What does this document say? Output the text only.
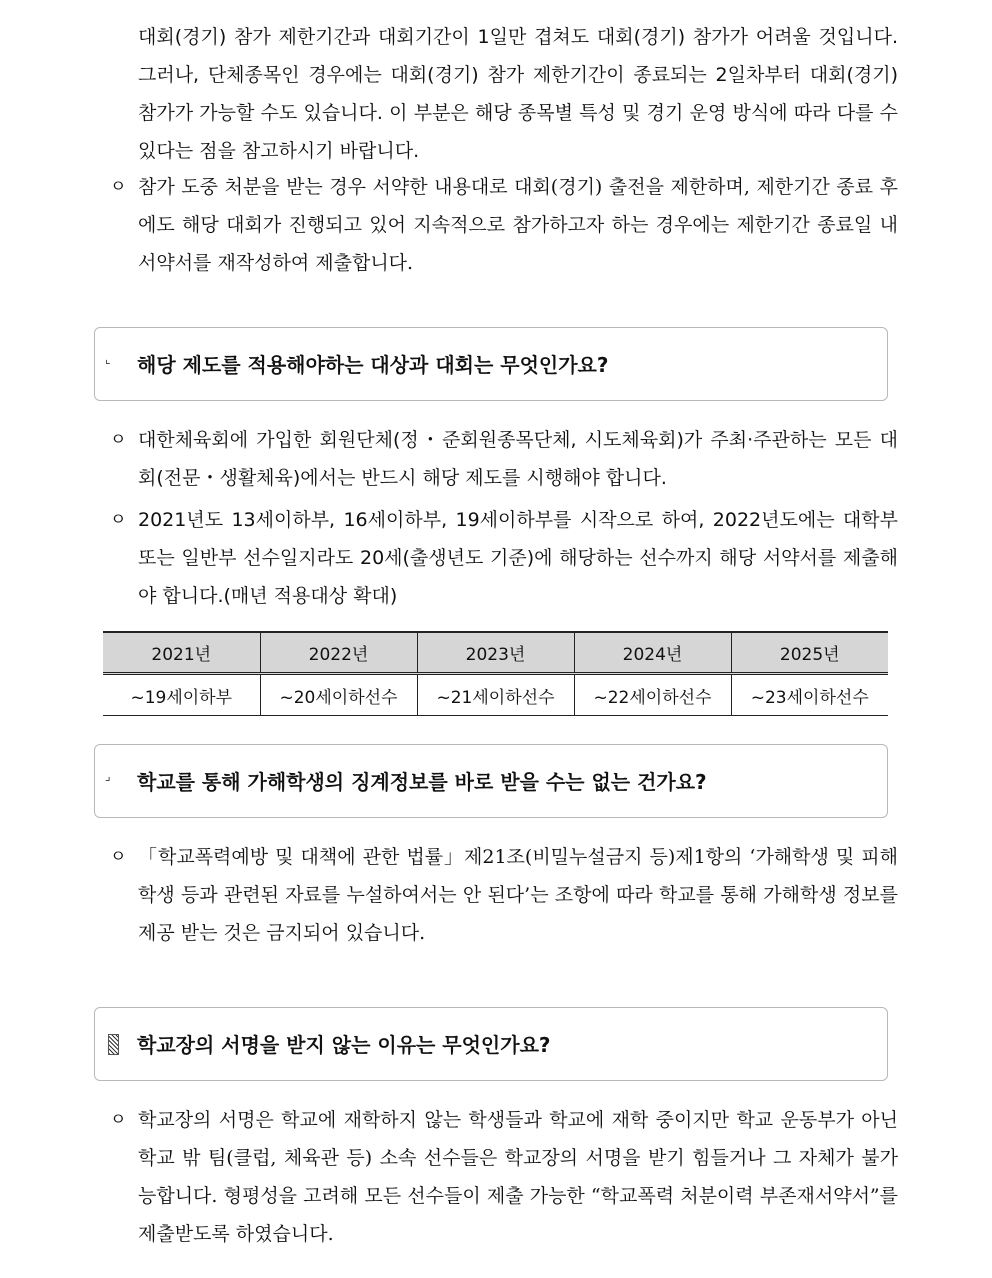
대회(경기) 참가 제한기간과 대회기간이 1일만 겹쳐도 대회(경기) 참가가 어려울 것입니다. 그러나, 단체종목인 경우에는 대회(경기) 참가 제한기간이 종료되는 2일차부터 대회(경기) 참가가 가능할 수도 있습니다. 이 부분은 해당 종목별 특성 및 경기 운영 방식에 따라 다를 수 있다는 점을 참고하시기 바랍니다.
ㅇ 참가 도중 처분을 받는 경우 서약한 내용대로 대회(경기) 출전을 제한하며, 제한기간 종료 후에도 해당 대회가 진행되고 있어 지속적으로 참가하고자 하는 경우에는 제한기간 종료일 내 서약서를 재작성하여 제출합니다.
⌞	해당 제도를 적용해야하는 대상과 대회는 무엇인가요?
ㅇ 대한체육회에 가입한 회원단체(정・준회원종목단체, 시도체육회)가 주최·주관하는 모든 대회(전문・생활체육)에서는 반드시 해당 제도를 시행해야 합니다.
ㅇ 2021년도 13세이하부, 16세이하부, 19세이하부를 시작으로 하여, 2022년도에는 대학부 또는 일반부 선수일지라도 20세(출생년도 기준)에 해당하는 선수까지 해당 서약서를 제출해야 합니다.(매년 적용대상 확대)
2021년	2022년	2023년	2024년	2025년
~19세이하부	~20세이하선수	~21세이하선수	~22세이하선수	~23세이하선수
⌟	학교를 통해 가해학생의 징계정보를 바로 받을 수는 없는 건가요?
ㅇ 「학교폭력예방 및 대책에 관한 법률」제21조(비밀누설금지 등)제1항의 ‘가해학생 및 피해학생 등과 관련된 자료를 누설하여서는 안 된다’는 조항에 따라 학교를 통해 가해학생 정보를 제공 받는 것은 금지되어 있습니다.
학교장의 서명을 받지 않는 이유는 무엇인가요?
ㅇ 학교장의 서명은 학교에 재학하지 않는 학생들과 학교에 재학 중이지만 학교 운동부가 아닌 학교 밖 팀(클럽, 체육관 등) 소속 선수들은 학교장의 서명을 받기 힘들거나 그 자체가 불가능합니다. 형평성을 고려해 모든 선수들이 제출 가능한 “학교폭력 처분이력 부존재서약서”를 제출받도록 하였습니다.
